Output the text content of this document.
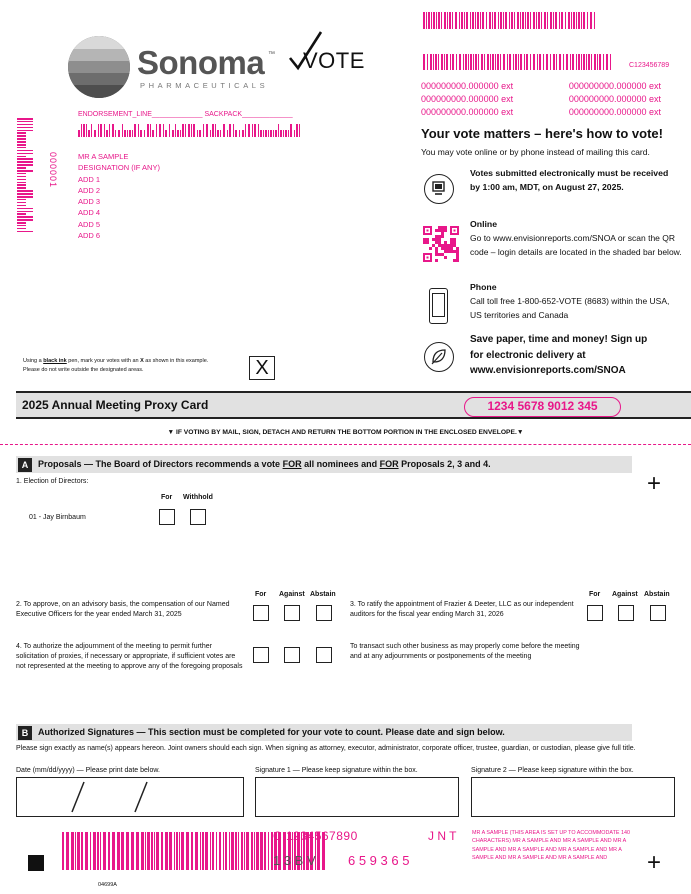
Sonoma ™
PHARMACEUTICALS
VOTE	C123456789
000000000.000000 ext	000000000.000000 ext
000000000.000000 ext	000000000.000000 ext
000000000.000000 ext	000000000.000000 ext
ENDORSEMENT_LINE_____________ SACKPACK_____________
000001	MR A SAMPLE
DESIGNATION (IF ANY)
ADD 1
ADD 2
ADD 3
ADD 4
ADD 5
ADD 6
Using a black ink pen, mark your votes with an X as shown in this example.
Please do not write outside the designated areas.	X
Your vote matters – here's how to vote!
You may vote online or by phone instead of mailing this card.
Votes submitted electronically must be received by 1:00 am, MDT, on August 27, 2025.
Online
Go to www.envisionreports.com/SNOA or scan the QR code – login details are located in the shaded bar below.
Phone
Call toll free 1-800-652-VOTE (8683) within the USA, US territories and Canada
Save paper, time and money! Sign up for electronic delivery at www.envisionreports.com/SNOA
2025 Annual Meeting Proxy Card	1234 5678 9012 345
▼ IF VOTING BY MAIL, SIGN, DETACH AND RETURN THE BOTTOM PORTION IN THE ENCLOSED ENVELOPE.▼
A	Proposals — The Board of Directors recommends a vote FOR all nominees and FOR Proposals 2, 3 and 4.
+
1. Election of Directors:
For Withhold
01 - Jay Birnbaum
For Against Abstain	For Against Abstain
2. To approve, on an advisory basis, the compensation of our Named Executive Officers for the year ended March 31, 2025
3. To ratify the appointment of Frazier & Deeter, LLC as our independent auditors for the fiscal year ending March 31, 2026
4. To authorize the adjournment of the meeting to permit further solicitation of proxies, if necessary or appropriate, if sufficient votes are not represented at the meeting to approve any of the foregoing proposals
To transact such other business as may properly come before the meeting and at any adjournments or postponements of the meeting
B	Authorized Signatures — This section must be completed for your vote to count. Please date and sign below.
Please sign exactly as name(s) appears hereon. Joint owners should each sign. When signing as attorney, executor, administrator, corporate officer, trustee, guardian, or custodian, please give full title.
Date (mm/dd/yyyy) — Please print date below.	Signature 1 — Please keep signature within the box.	Signature 2 — Please keep signature within the box.
04699A
C 1234567890	J N T
1 3 B V 6 5 9 3 6 5
MR A SAMPLE (THIS AREA IS SET UP TO ACCOMMODATE 140 CHARACTERS) MR A SAMPLE AND MR A SAMPLE AND MR A SAMPLE AND MR A SAMPLE AND MR A SAMPLE AND MR A SAMPLE AND MR A SAMPLE AND MR A SAMPLE AND	+
